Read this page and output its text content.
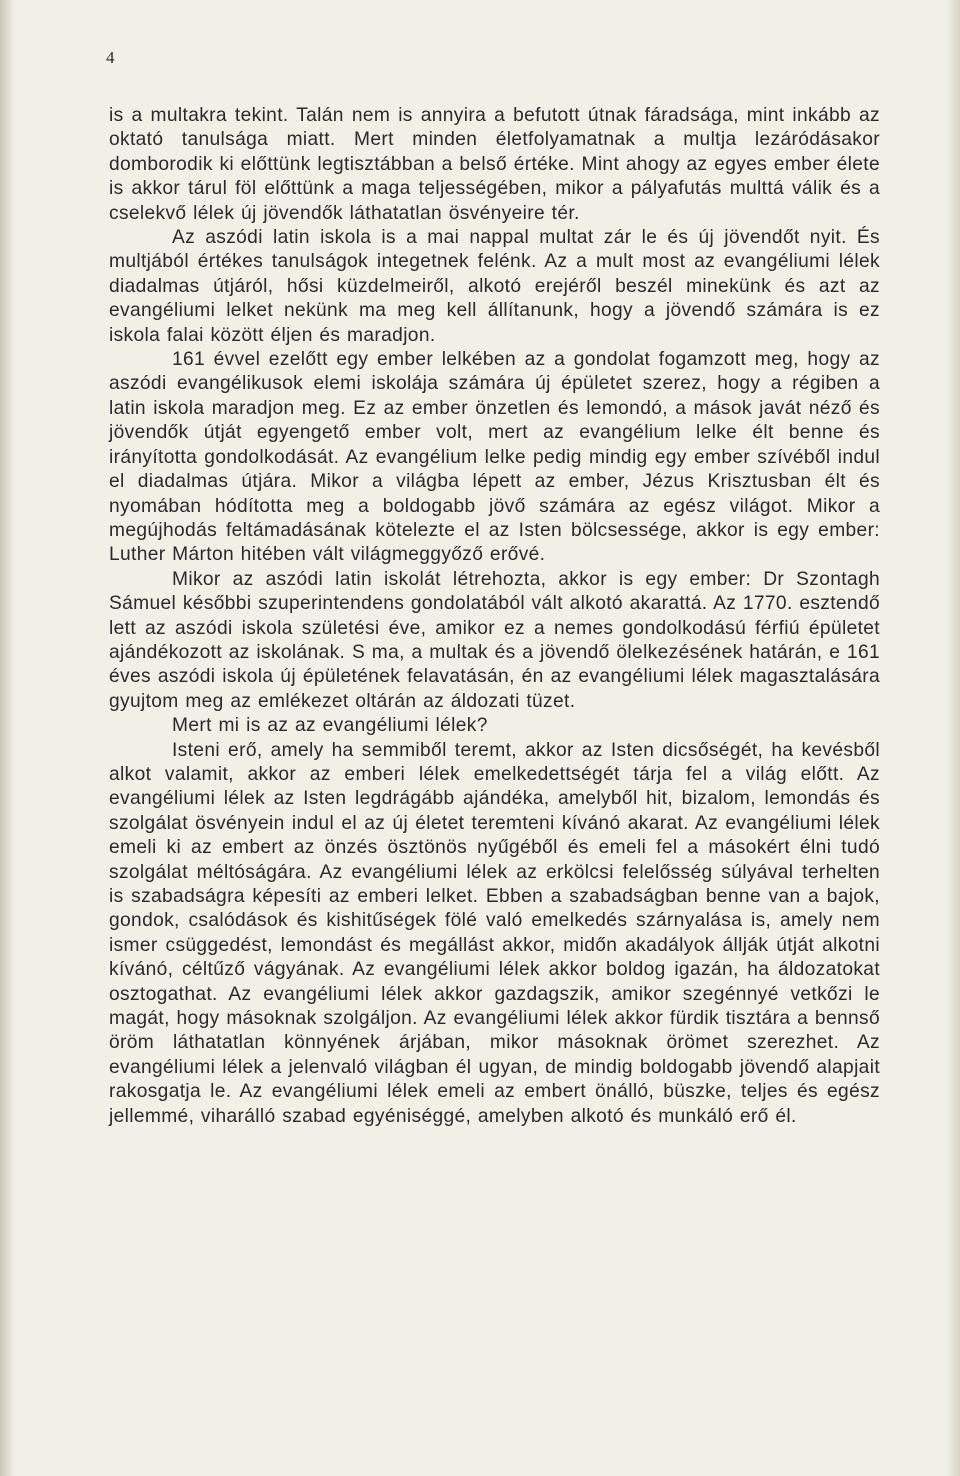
4

is a multakra tekint. Talán nem is annyira a befutott útnak fáradsága, mint inkább az oktató tanulsága miatt. Mert minden életfolyamatnak a multja lezáródásakor domborodik ki előttünk legtisztábban a belső értéke. Mint ahogy az egyes ember élete is akkor tárul föl előttünk a maga teljességében, mikor a pályafutás multtá válik és a cselekvő lélek új jövendők láthatatlan ösvényeire tér.

Az aszódi latin iskola is a mai nappal multat zár le és új jövendőt nyit. És multjából értékes tanulságok integetnek felénk. Az a mult most az evangéliumi lélek diadalmas útjáról, hősi küzdelmeiről, alkotó erejéről beszél minekünk és azt az evangéliumi lelket nekünk ma meg kell állítanunk, hogy a jövendő számára is ez iskola falai között éljen és maradjon.

161 évvel ezelőtt egy ember lelkében az a gondolat fogamzott meg, hogy az aszódi evangélikusok elemi iskolája számára új épületet szerez, hogy a régiben a latin iskola maradjon meg. Ez az ember önzetlen és lemondó, a mások javát néző és jövendők útját egyengető ember volt, mert az evangélium lelke élt benne és irányította gondolkodását. Az evangélium lelke pedig mindig egy ember szívéből indul el diadalmas útjára. Mikor a világba lépett az ember, Jézus Krisztusban élt és nyomában hódította meg a boldogabb jövő számára az egész világot. Mikor a megújhodás feltámadásának kötelezte el az Isten bölcsessége, akkor is egy ember: Luther Márton hitében vált világmeggyőző erővé.

Mikor az aszódi latin iskolát létrehozta, akkor is egy ember: Dr Szontagh Sámuel későbbi szuperintendens gondolatából vált alkotó akarattá. Az 1770. esztendő lett az aszódi iskola születési éve, amikor ez a nemes gondolkodású férfiú épületet ajándékozott az iskolának. S ma, a multak és a jövendő ölelkezésének határán, e 161 éves aszódi iskola új épületének felavatásán, én az evangéliumi lélek magasztalására gyujtom meg az emlékezet oltárán az áldozati tüzet.

Mert mi is az az evangéliumi lélek?

Isteni erő, amely ha semmiből teremt, akkor az Isten dicsőségét, ha kevésből alkot valamit, akkor az emberi lélek emelkedettségét tárja fel a világ előtt. Az evangéliumi lélek az Isten legdrágább ajándéka, amelyből hit, bizalom, lemondás és szolgálat ösvényein indul el az új életet teremteni kívánó akarat. Az evangéliumi lélek emeli ki az embert az önzés ösztönös nyűgéből és emeli fel a másokért élni tudó szolgálat méltóságára. Az evangéliumi lélek az erkölcsi felelősség súlyával terhelten is szabadságra képesíti az emberi lelket. Ebben a szabadságban benne van a bajok, gondok, csalódások és kishitűségek fölé való emelkedés szárnyalása is, amely nem ismer csüggedést, lemondást és megállást akkor, midőn akadályok állják útját alkotni kívánó, céltűző vágyának. Az evangéliumi lélek akkor boldog igazán, ha áldozatokat osztogathat. Az evangéliumi lélek akkor gazdagszik, amikor szegénnyé vetkőzi le magát, hogy másoknak szolgáljon. Az evangéliumi lélek akkor fürdik tisztára a bennső öröm láthatatlan könnyének árjában, mikor másoknak örömet szerezhet. Az evangéliumi lélek a jelenvaló világban él ugyan, de mindig boldogabb jövendő alapjait rakosgatja le. Az evangéliumi lélek emeli az embert önálló, büszke, teljes és egész jellemmé, viharálló szabad egyéniséggé, amelyben alkotó és munkáló erő él.
